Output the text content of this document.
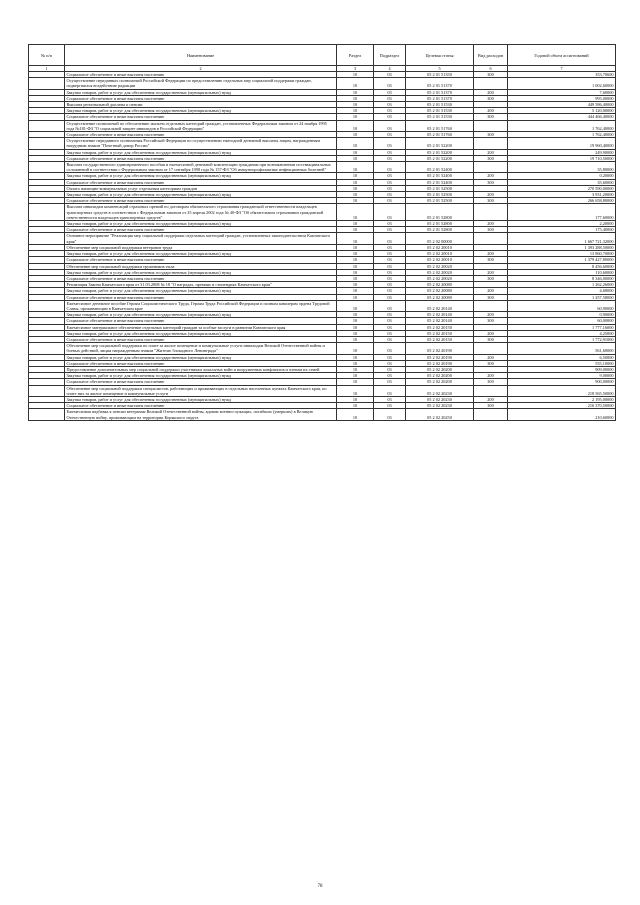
№ п/п	Наименование	Раздел	Подраздел	Целевая статья	Вид расходов	Годовой объем ассигнований
1	2	3	4	5	6	7
	Социальное обеспечение и иные выплаты населению	10	03	05 2 01 51350	300	353,70600
	Осуществление переданных полномочий Российской Федерации по предоставлению отдельных мер социальной поддержки граждан, подвергшихся воздействию радиации	10	03	05 2 01 51370		1 002,60000
	Закупка товаров, работ и услуг для обеспечения государственных (муниципальных) нужд	10	03	05 2 01 51370	200	7,60000
	Социальное обеспечение и иные выплаты населению	10	03	05 2 01 51370	300	995,00000
	Выплата региональной доплаты к пенсии	10	03	05 2 01 51530		449 586,40000
	Закупка товаров, работ и услуг для обеспечения государственных (муниципальных) нужд	10	03	05 2 01 51530	200	5 120,00000
	Социальное обеспечение и иные выплаты населению	10	03	05 2 01 51530	300	444 466,40000
	Осуществление полномочий по обеспечению жильем отдельных категорий граждан, установленных Федеральным законом от 24 ноября 1995 года №181-ФЗ "О социальной защите инвалидов в Российской Федерации"	10	03	05 2 01 51760		1 762,40000
	Социальное обеспечение и иные выплаты населению	10	03	05 2 01 51760	300	1 762,40000
	Осуществление переданного полномочия Российской Федерации по осуществлению ежегодной денежной выплаты лицам, награжденным нагрудным знаком "Почетный донор России"	10	03	05 2 01 52200		19 960,40000
	Закупка товаров, работ и услуг для обеспечения государственных (муниципальных) нужд	10	03	05 2 01 52200	200	249,90000
	Социальное обеспечение и иные выплаты населению	10	03	05 2 01 52200	300	19 710,50000
	Выплата государственного единовременного пособия и ежемесячной денежной компенсации гражданам при возникновении поствакцинальных осложнений в соответствии с Федеральным законом от 17 сентября 1998 года № 157-ФЗ "Об иммунопрофилактике инфекционных болезней"	10	03	05 2 01 52400		35,80000
	Закупка товаров, работ и услуг для обеспечения государственных (муниципальных) нужд	10	03	05 2 01 52400	200	0,20000
	Социальное обеспечение и иные выплаты населению	10	03	05 2 01 52400	300	35,60000
	Оплата жилищно-коммунальных услуг отдельным категориям граждан	10	03	05 2 01 52500		270 590,00000
	Закупка товаров, работ и услуг для обеспечения государственных (муниципальных) нужд	10	03	05 2 01 52500	200	3 931,20000
	Социальное обеспечение и иные выплаты населению	10	03	05 2 01 52500	300	266 658,80000
	Выплата инвалидам компенсаций страховых премий по договорам обязательного страхования гражданской ответственности владельцев транспортных средств в соответствии с Федеральным законом от 25 апреля 2002 года № 40-ФЗ "Об обязательном страховании гражданской ответственности владельцев транспортных средств"	10	03	05 2 01 52800		177,60000
	Закупка товаров, работ и услуг для обеспечения государственных (муниципальных) нужд	10	03	05 2 01 52800	200	2,20000
	Социальное обеспечение и иные выплаты населению	10	03	05 2 01 52800	300	175,40000
	Основное мероприятие "Реализация мер социальной поддержки отдельных категорий граждан, установленных законодательством Камчатского края"	10	03	05 2 02 00000		1 667 721,32000
	Обеспечение мер социальной поддержки ветеранов труда	10	03	05 2 02 20010		1 393 288,50000
	Закупка товаров, работ и услуг для обеспечения государственных (муниципальных) нужд	10	03	05 2 02 20010	200	13 860,70000
	Социальное обеспечение и иные выплаты населению	10	03	05 2 02 20010	300	1 379 427,80000
	Обеспечение мер социальной поддержки тружеников тыла	10	03	05 2 02 20020		8 456,60000
	Закупка товаров, работ и услуг для обеспечения государственных (муниципальных) нужд	10	03	05 2 02 20020	200	110,60000
	Социальное обеспечение и иные выплаты населению	10	03	05 2 02 20020	300	8 346,00000
	Реализация Закона Камчатского края от 31.03.2008 № 18 "О наградах, премиях и стипендиях Камчатского края"	10	03	05 2 02 20080		1 262,26000
	Закупка товаров, работ и услуг для обеспечения государственных (муниципальных) нужд	10	03	05 2 02 20080	200	4,68000
	Социальное обеспечение и иные выплаты населению	10	03	05 2 02 20080	300	1 257,58000
	Ежемесячное денежное пособие Героям Социалистического Труда, Героям Труда Российской Федерации и полным кавалерам ордена Трудовой Славы, проживающим в Камчатском крае	10	03	05 2 02 20140		60,90000
	Закупка товаров, работ и услуг для обеспечения государственных (муниципальных) нужд	10	03	05 2 02 20140	200	0,90000
	Социальное обеспечение и иные выплаты населению	10	03	05 2 02 20140	300	60,00000
	Ежемесячное материальное обеспечение отдельных категорий граждан за особые заслуги в развитии Камчатского края	10	03	05 2 02 20150		1 777,16000
	Закупка товаров, работ и услуг для обеспечения государственных (муниципальных) нужд	10	03	05 2 02 20150	200	4,25000
	Социальное обеспечение и иные выплаты населению	10	03	05 2 02 20150	300	1 772,91000
	Обеспечение мер социальной поддержки по плате за жилое помещение и коммунальные услуги инвалидам Великой Отечественной войны и боевых действий, лицам награжденным знаком "Жителю блокадного Ленинграда"	10	03	05 2 02 20190		561,60000
	Закупка товаров, работ и услуг для обеспечения государственных (муниципальных) нужд	10	03	05 2 02 20190	200	6,50000
	Социальное обеспечение и иные выплаты населению	10	03	05 2 02 20190	300	555,10000
	Предоставление дополнительных мер социальной поддержки участникам локальных войн и вооруженных конфликтов и членам их семей	10	03	05 2 02 20200		909,00000
	Закупка товаров, работ и услуг для обеспечения государственных (муниципальных) нужд	10	03	05 2 02 20200	200	9,00000
	Социальное обеспечение и иные выплаты населению	10	03	05 2 02 20200	300	900,00000
	Обеспечение мер социальной поддержки специалистов, работающих и проживающих в отдельных населенных пунктах Камчатского края, по плате них за жилое помещение и коммунальные услуги	10	03	05 2 02 20230		218 565,50000
	Закупка товаров, работ и услуг для обеспечения государственных (муниципальных) нужд	10	03	05 2 02 20230	200	2 195,00000
	Социальное обеспечение и иные выплаты населению	10	03	05 2 02 20230	300	216 370,50000
	Ежемесячная надбавка к пенсии ветеранам Великой Отечественной войны, вдовам военнослужащих, погибших (умерших) в Великую Отечественную войну, проживающим на территории Корякского округа	10	03	05 2 02 20250		210,60000
78
